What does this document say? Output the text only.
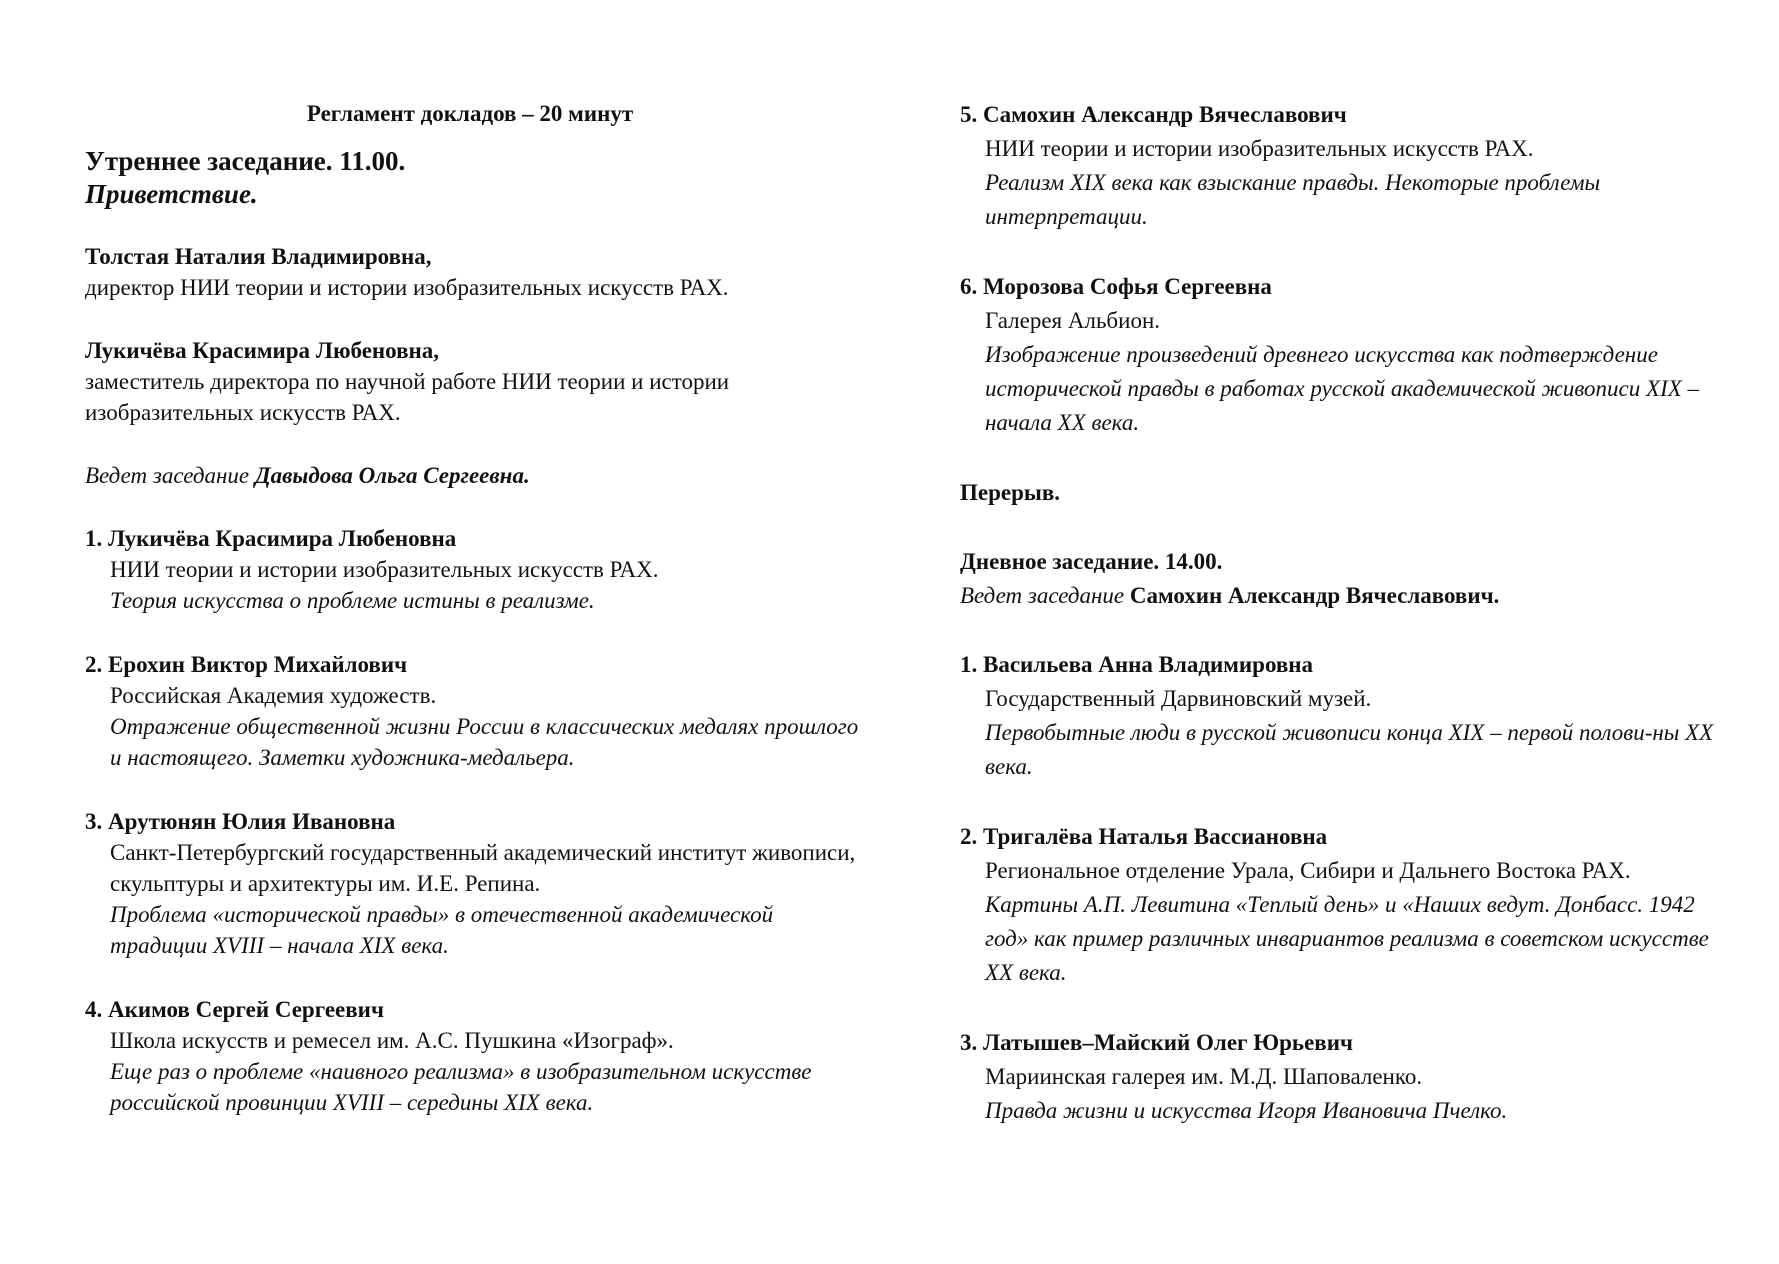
Регламент докладов – 20 минут
Утреннее заседание. 11.00.
Приветствие.
Толстая Наталия Владимировна,
директор НИИ теории и истории изобразительных искусств РАХ.
Лукичёва Красимира Любеновна,
заместитель директора по научной работе НИИ теории и истории изобразительных искусств РАХ.
Ведет заседание Давыдова Ольга Сергеевна.
1. Лукичёва Красимира Любеновна
НИИ теории и истории изобразительных искусств РАХ.
Теория искусства о проблеме истины в реализме.
2. Ерохин Виктор Михайлович
Российская Академия художеств.
Отражение общественной жизни России в классических медалях прошлого и настоящего. Заметки художника-медальера.
3. Арутюнян Юлия Ивановна
Санкт-Петербургский государственный академический институт живописи, скульптуры и архитектуры им. И.Е. Репина.
Проблема «исторической правды» в отечественной академической традиции XVIII – начала XIX века.
4. Акимов Сергей Сергеевич
Школа искусств и ремесел им. А.С. Пушкина «Изограф».
Еще раз о проблеме «наивного реализма» в изобразительном искусстве российской провинции XVIII – середины XIX века.
5. Самохин Александр Вячеславович
НИИ теории и истории изобразительных искусств РАХ.
Реализм XIX века как взыскание правды. Некоторые проблемы интерпретации.
6. Морозова Софья Сергеевна
Галерея Альбион.
Изображение произведений древнего искусства как подтверждение исторической правды в работах русской академической живописи XIX – начала XX века.
Перерыв.
Дневное заседание. 14.00.
Ведет заседание Самохин Александр Вячеславович.
1. Васильева Анна Владимировна
Государственный Дарвиновский музей.
Первобытные люди в русской живописи конца XIX – первой полови-ны XX века.
2. Тригалёва Наталья Вассиановна
Региональное отделение Урала, Сибири и Дальнего Востока РАХ.
Картины А.П. Левитина «Теплый день» и «Наших ведут. Донбасс. 1942 год» как пример различных инвариантов реализма в советском искусстве XX века.
3. Латышев–Майский Олег Юрьевич
Мариинская галерея им. М.Д. Шаповаленко.
Правда жизни и искусства Игоря Ивановича Пчелко.
